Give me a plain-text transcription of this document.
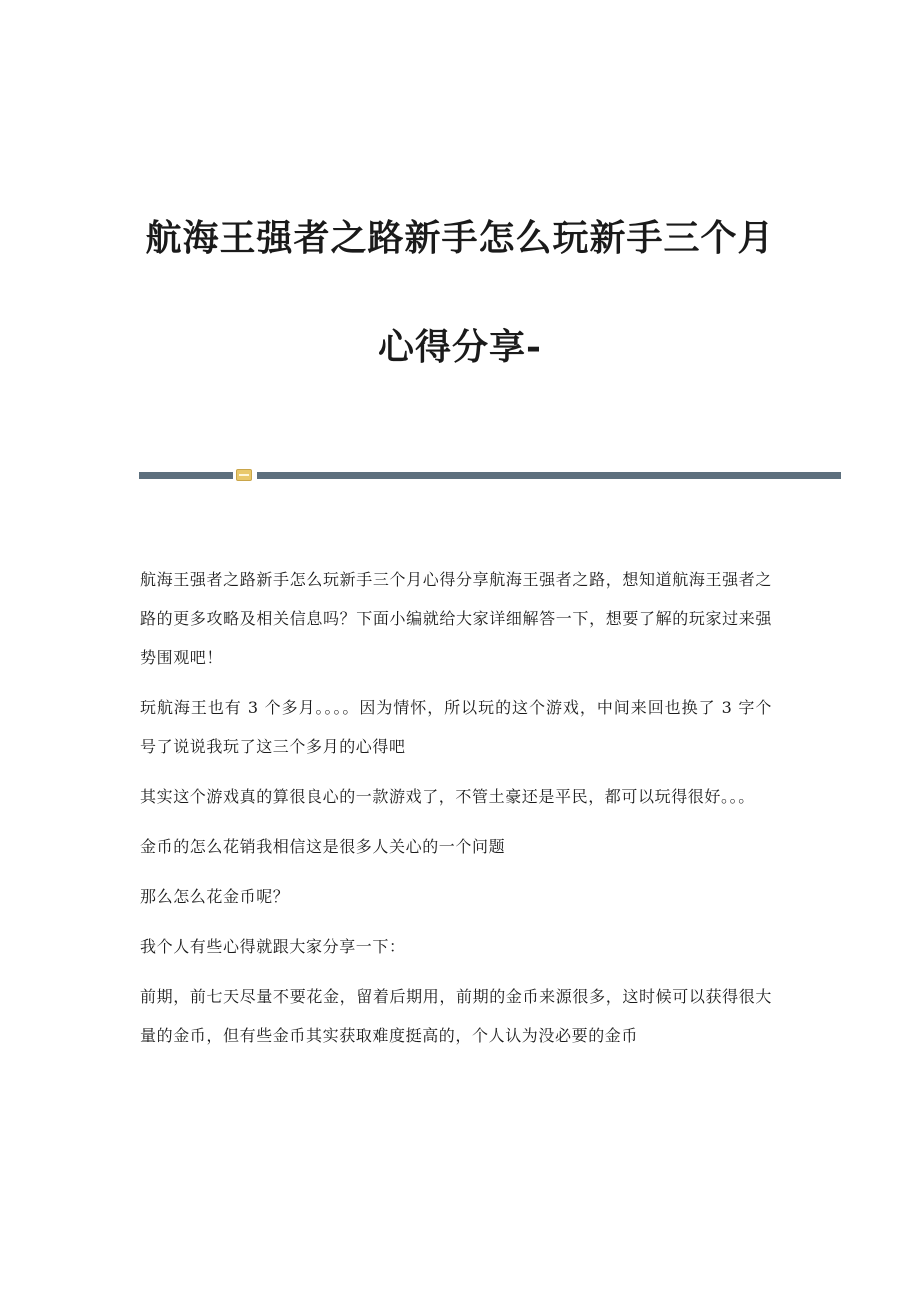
航海王强者之路新手怎么玩新手三个月
心得分享-

航海王强者之路新手怎么玩新手三个月心得分享航海王强者之路，想知道航海王强者之路的更多攻略及相关信息吗？下面小编就给大家详细解答一下，想要了解的玩家过来强势围观吧！

玩航海王也有 3 个多月。。。。因为情怀，所以玩的这个游戏，中间来回也换了 3 字个号了说说我玩了这三个多月的心得吧

其实这个游戏真的算很良心的一款游戏了，不管土豪还是平民，都可以玩得很好。。。

金币的怎么花销我相信这是很多人关心的一个问题

那么怎么花金币呢？

我个人有些心得就跟大家分享一下：

前期，前七天尽量不要花金，留着后期用，前期的金币来源很多，这时候可以获得很大量的金币，但有些金币其实获取难度挺高的，个人认为没必要的金币
